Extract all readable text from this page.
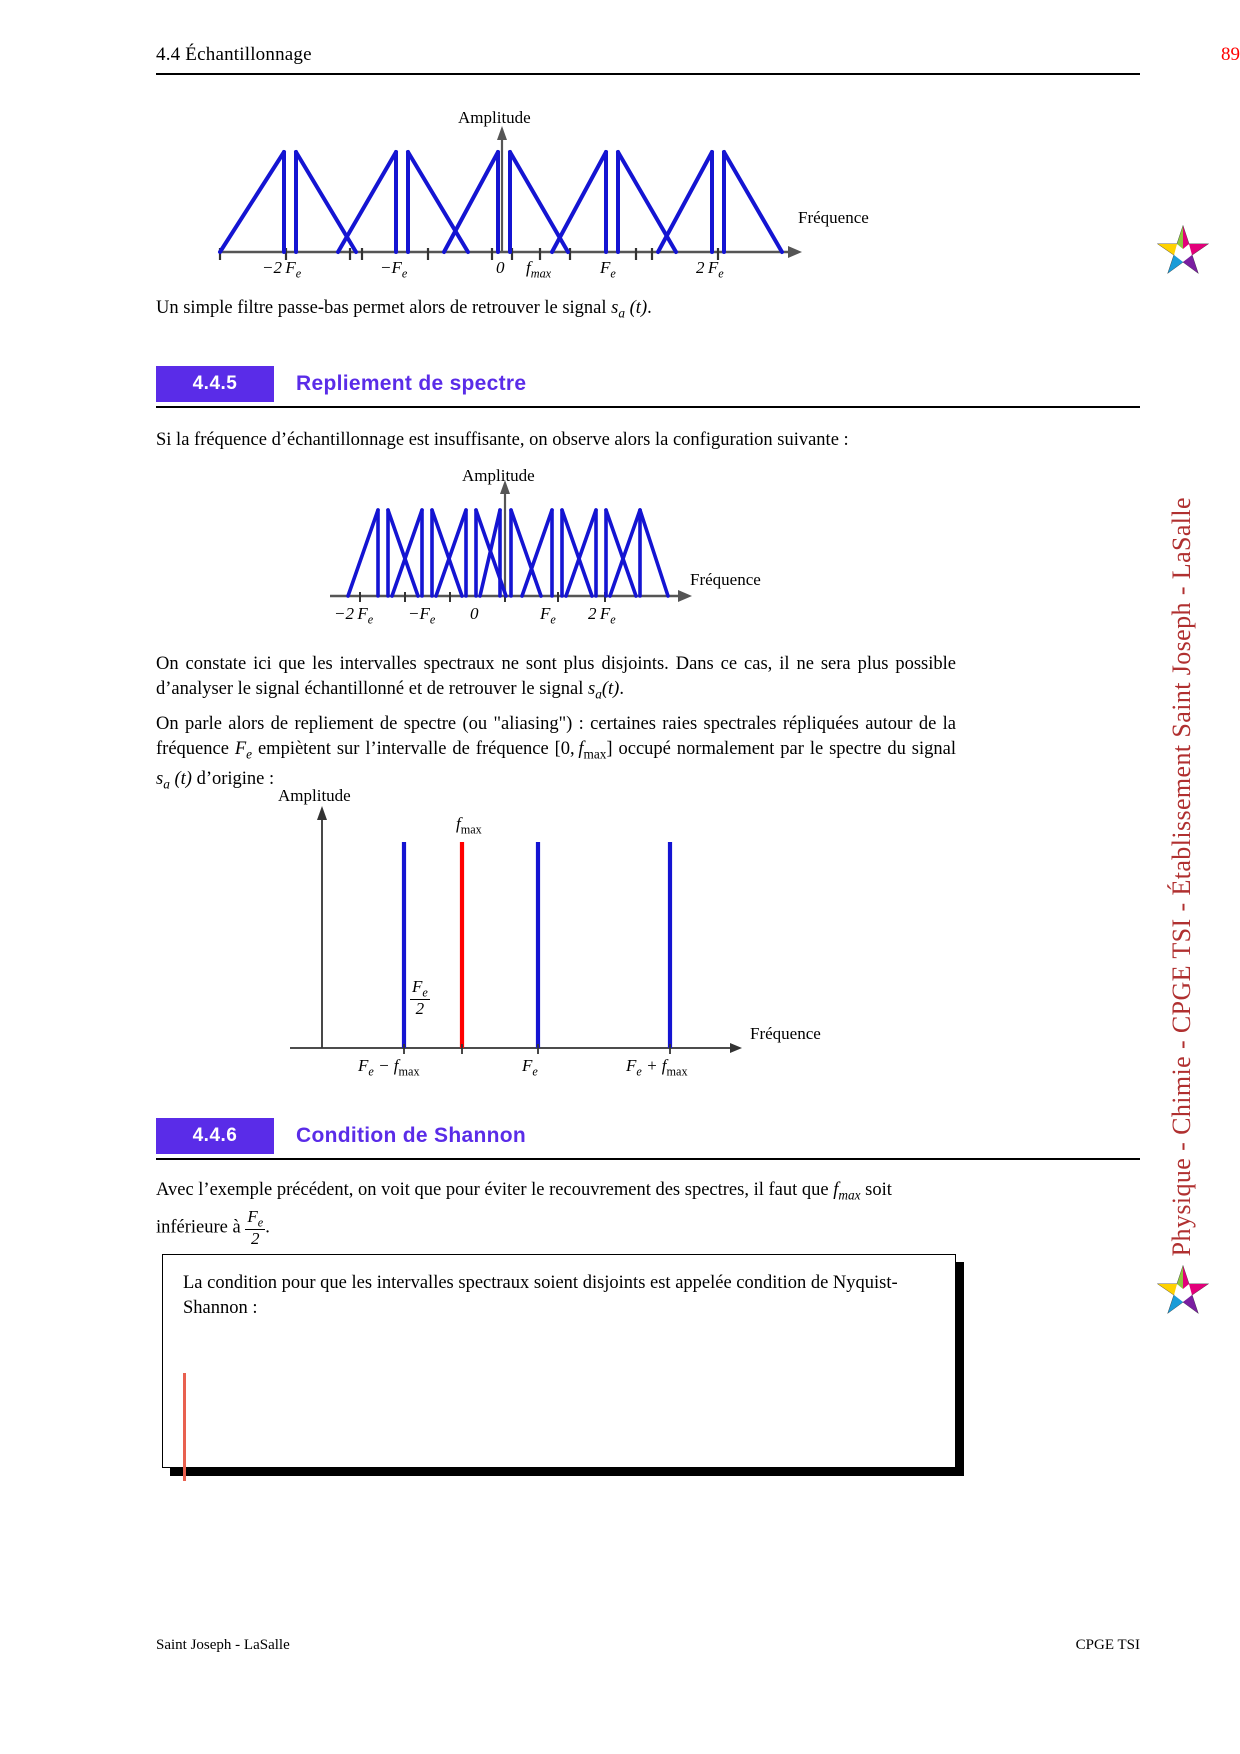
4.4 Échantillonnage	89
Physique - Chimie - CPGE TSI - Établissement Saint Joseph - LaSalle
Amplitude
Fréquence
−2 $F_e$	$-F_e$	0 $f_{max}$	$F_e$	2 $F_e$
Un simple filtre passe-bas permet alors de retrouver le signal $s_a$ (t).
4.4.5	Repliement de spectre
Si la fréquence d’échantillonnage est insuffisante, on observe alors la configuration suivante :
Amplitude
Fréquence
−2 $F_e -F_e$ 0	$F_e$ 2 $F_e$
On constate ici que les intervalles spectraux ne sont plus disjoints. Dans ce cas, il ne sera plus possible d’analyser le signal échantillonné et de retrouver le signal $s_a(t)$.
On parle alors de repliement de spectre (ou "aliasing") : certaines raies spectrales répliquées autour de la fréquence $F_e$ empiètent sur l’intervalle de fréquence [0, $f_{max}$] occupé normalement par le spectre du signal $s_a$ (t) d’origine :
Amplitude
Fréquence
$f_{max}$
$\frac{F_e}{2}$
$F_e - f_{max}$	$F_e$	$F_e + f_{max}$
4.4.6	Condition de Shannon
Avec l’exemple précédent, on voit que pour éviter le recouvrement des spectres, il faut que $f_{max}$ soit
inférieure à $\frac{F_e}{2}$ .
La condition pour que les intervalles spectraux soient disjoints est appelée condition de Nyquist-Shannon :
Saint Joseph - LaSalle	CPGE TSI
